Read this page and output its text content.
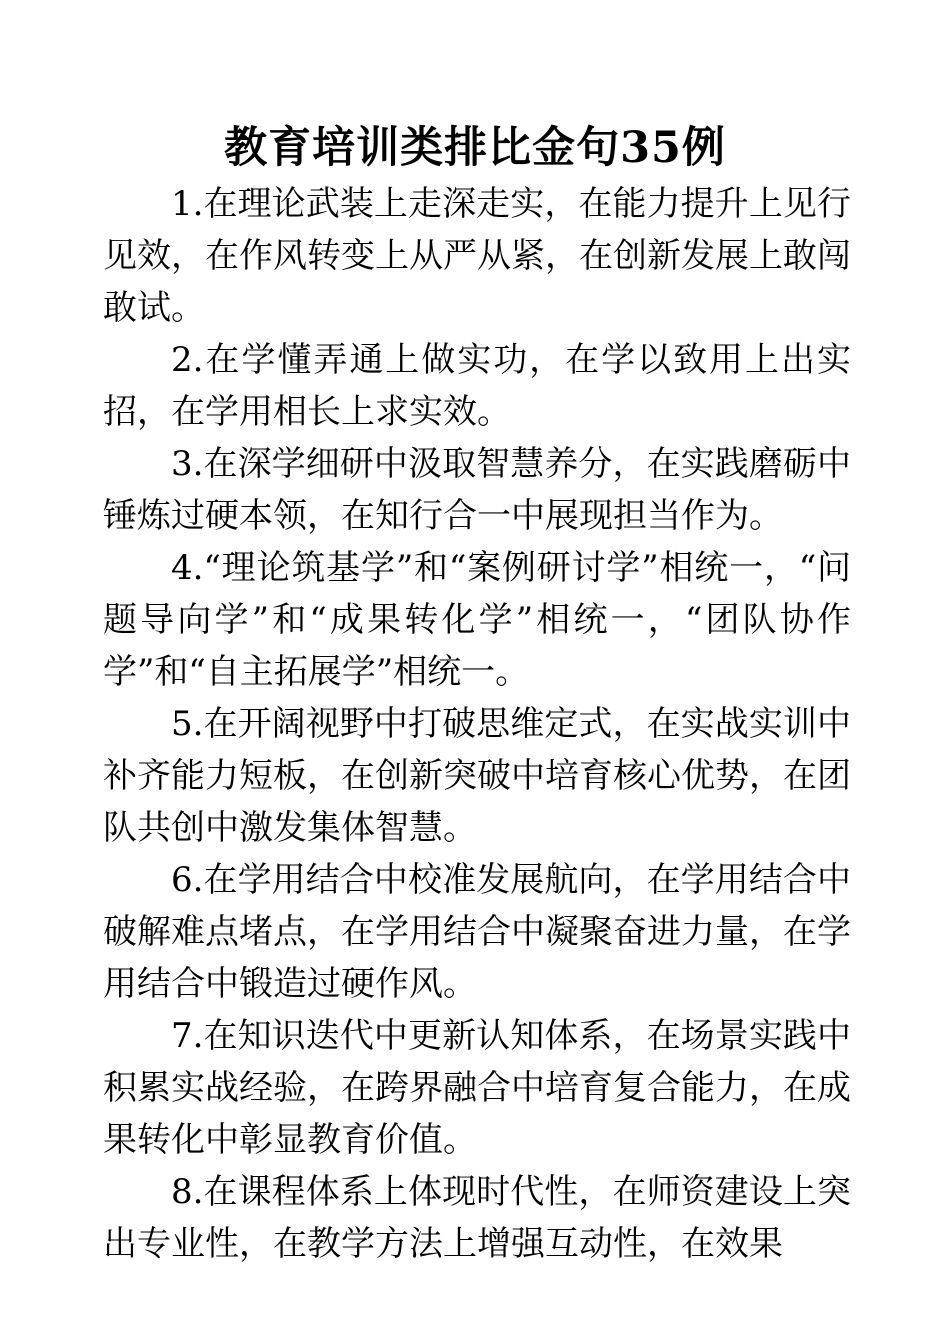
教育培训类排比金句35例

1.在理论武装上走深走实，在能力提升上见行见效，在作风转变上从严从紧，在创新发展上敢闯敢试。

2.在学懂弄通上做实功，在学以致用上出实招，在学用相长上求实效。

3.在深学细研中汲取智慧养分，在实践磨砺中锤炼过硬本领，在知行合一中展现担当作为。

4.“理论筑基学”和“案例研讨学”相统一，“问题导向学”和“成果转化学”相统一，“团队协作学”和“自主拓展学”相统一。

5.在开阔视野中打破思维定式，在实战实训中补齐能力短板，在创新突破中培育核心优势，在团队共创中激发集体智慧。

6.在学用结合中校准发展航向，在学用结合中破解难点堵点，在学用结合中凝聚奋进力量，在学用结合中锻造过硬作风。

7.在知识迭代中更新认知体系，在场景实践中积累实战经验，在跨界融合中培育复合能力，在成果转化中彰显教育价值。

8.在课程体系上体现时代性，在师资建设上突出专业性，在教学方法上增强互动性，在效果
